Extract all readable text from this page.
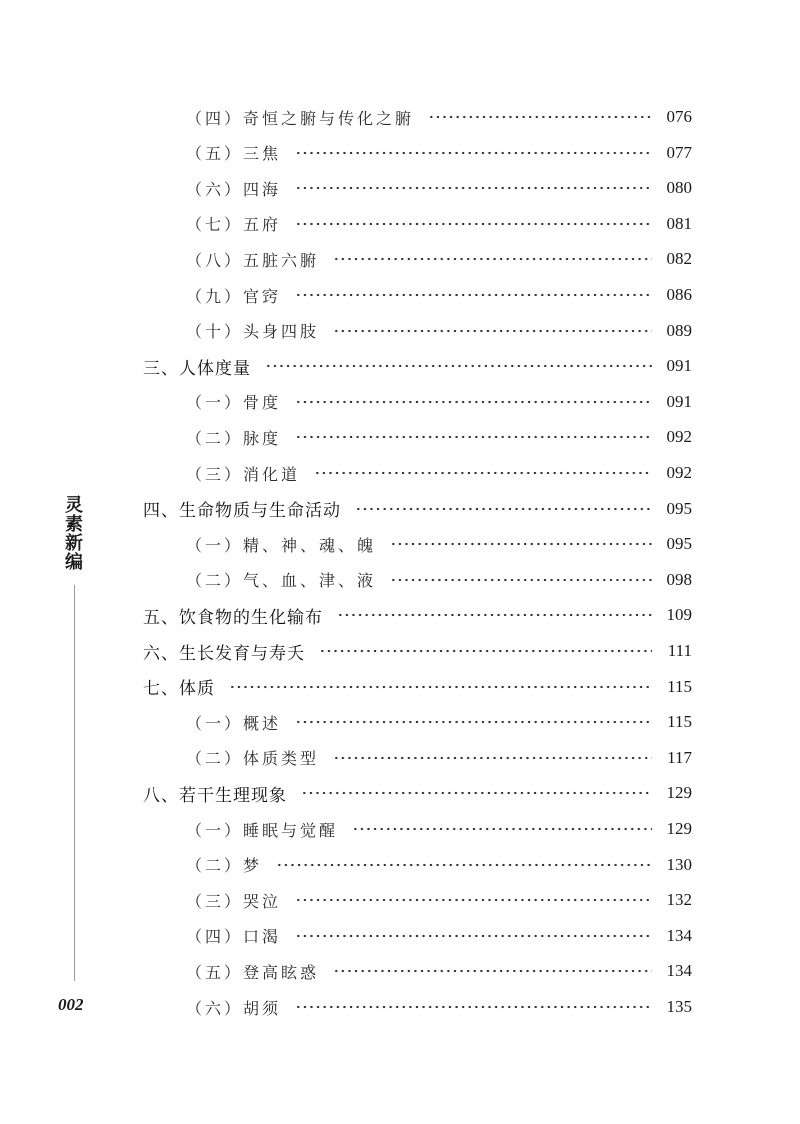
（四）奇恒之腑与传化之腑	076
（五）三焦	077
（六）四海	080
（七）五府	081
（八）五脏六腑	082
（九）官窍	086
（十）头身四肢	089
三、人体度量	091
（一）骨度	091
（二）脉度	092
（三）消化道	092
四、生命物质与生命活动	095
（一）精、神、魂、魄	095
（二）气、血、津、液	098
五、饮食物的生化输布	109
六、生长发育与寿夭	111
七、体质	115
（一）概述	115
（二）体质类型	117
八、若干生理现象	129
（一）睡眠与觉醒	129
（二）梦	130
（三）哭泣	132
（四）口渴	134
（五）登高眩惑	134
（六）胡须	135
灵素新编
002
